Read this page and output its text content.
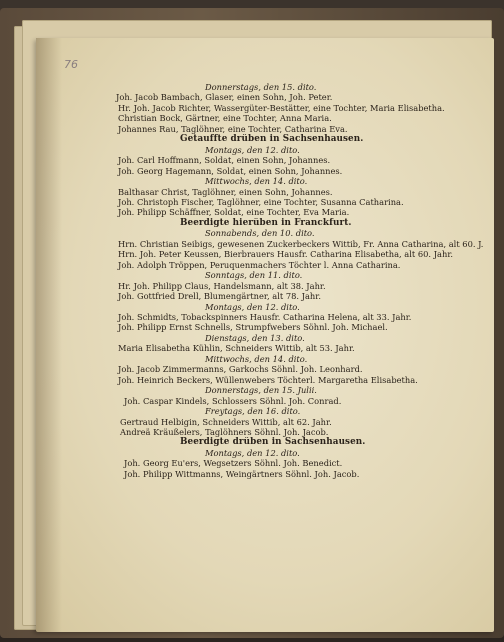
76
Donnerstags, den 15. dito.
Joh. Jacob Bambach, Glaser, einen Sohn, Joh. Peter.
Hr. Joh. Jacob Richter, Wassergüter-Bestätter, eine Tochter, Maria Elisabetha.
Christian Bock, Gärtner, eine Tochter, Anna Maria.
Johannes Rau, Taglöhner, eine Tochter, Catharina Eva.
Getauffte drüben in Sachsenhausen.
Montags, den 12. dito.
Joh. Carl Hoffmann, Soldat, einen Sohn, Johannes.
Joh. Georg Hagemann, Soldat, einen Sohn, Johannes.
Mittwochs, den 14. dito.
Balthasar Christ, Taglöhner, einen Sohn, Johannes.
Joh. Christoph Fischer, Taglöhner, eine Tochter, Susanna Catharina.
Joh. Philipp Schäffner, Soldat, eine Tochter, Eva Maria.
Beerdigte hierüben in Franckfurt.
Sonnabends, den 10. dito.
Hrn. Christian Seibigs, gewesenen Zuckerbeckers Wittib, Fr. Anna Catharina, alt 60. J.
Hrn. Joh. Peter Keussen, Bierbrauers Hausfr. Catharina Elisabetha, alt 60. Jahr.
Joh. Adolph Tröppen, Peruquenmachers Töchter l. Anna Catharina.
Sonntags, den 11. dito.
Hr. Joh. Philipp Claus, Handelsmann, alt 38. Jahr.
Joh. Gottfried Drell, Blumengärtner, alt 78. Jahr.
Montags, den 12. dito.
Joh. Schmidts, Tobackspinners Hausfr. Catharina Helena, alt 33. Jahr.
Joh. Philipp Ernst Schnells, Strumpfwebers Söhnl. Joh. Michael.
Dienstags, den 13. dito.
Maria Elisabetha Kühlin, Schneiders Wittib, alt 53. Jahr.
Mittwochs, den 14. dito.
Joh. Jacob Zimmermanns, Garkochs Söhnl. Joh. Leonhard.
Joh. Heinrich Beckers, Wüllenwebers Töchterl. Margaretha Elisabetha.
Donnerstags, den 15. Julii.
Joh. Caspar Kindels, Schlossers Söhnl. Joh. Conrad.
Freytags, den 16. dito.
Gertraud Helbigin, Schneiders Wittib, alt 62. Jahr.
Andreä Kräußelers, Taglöhners Söhnl. Joh. Jacob.
Beerdigte drüben in Sachsenhausen.
Montags, den 12. dito.
Joh. Georg Eu'ers, Wegsetzers Söhnl. Joh. Benedict.
Joh. Philipp Wittmanns, Weingärtners Söhnl. Joh. Jacob.
